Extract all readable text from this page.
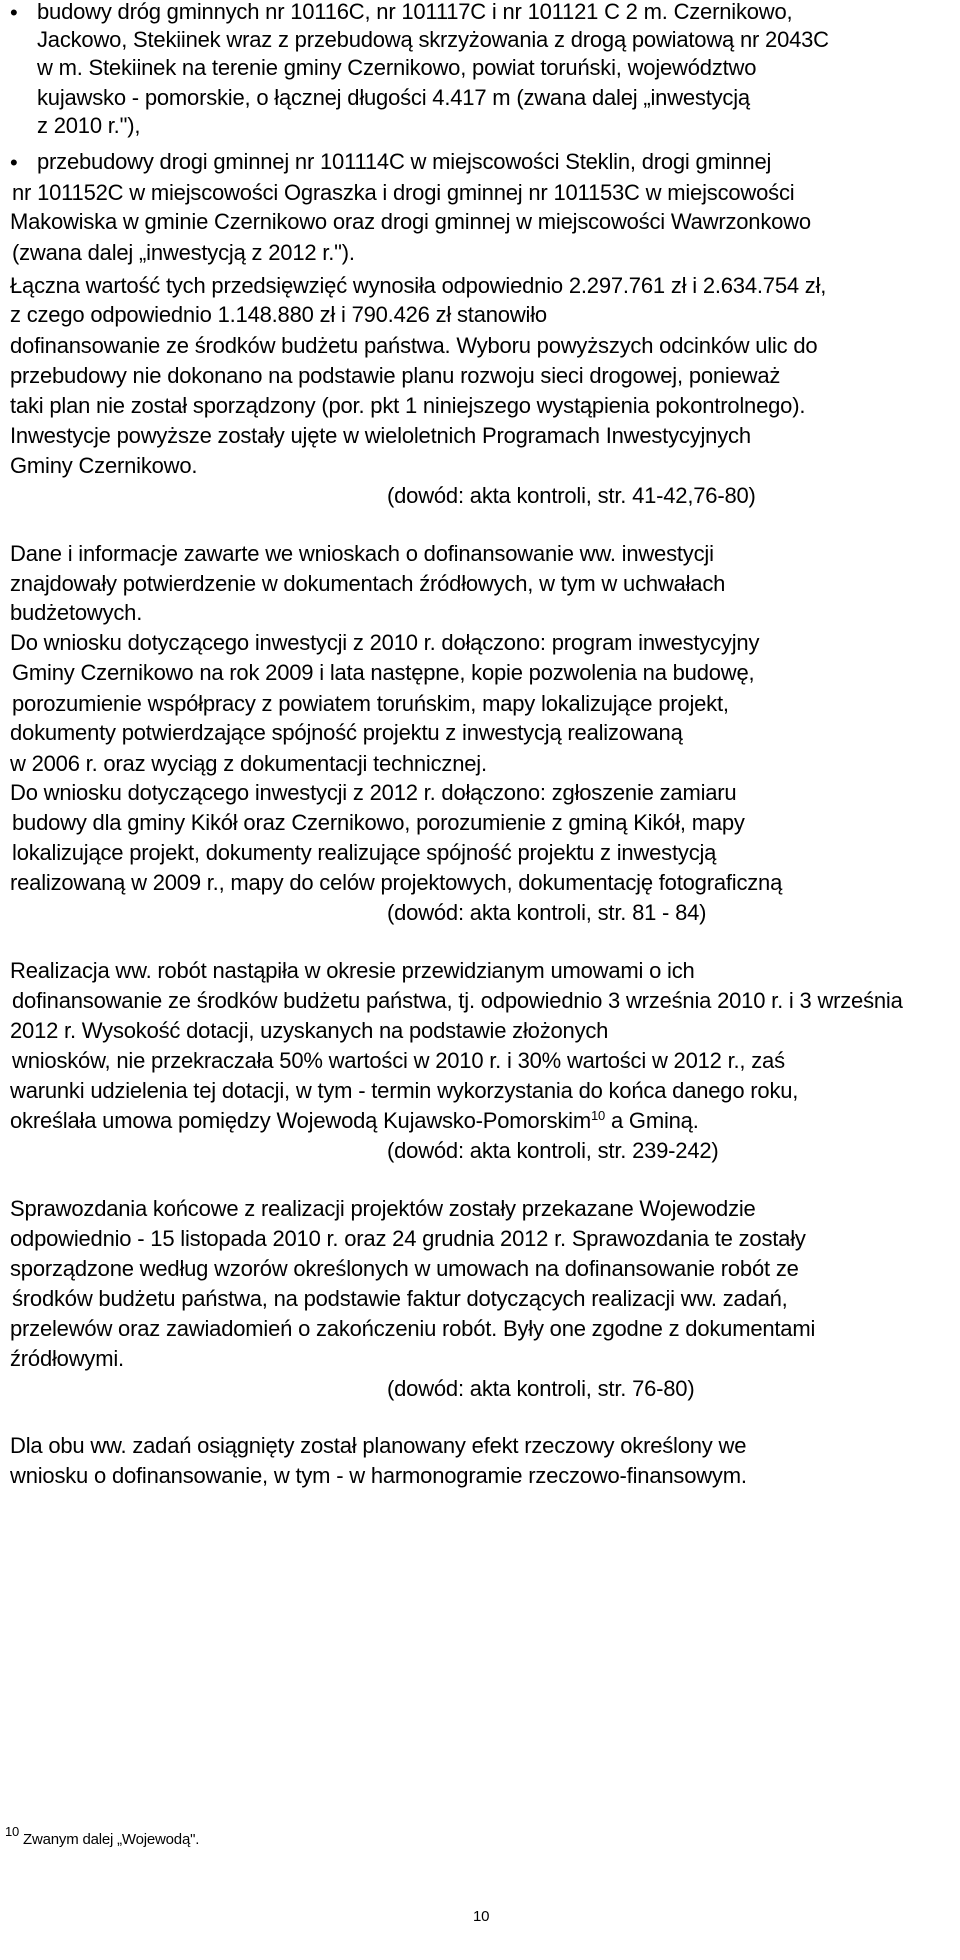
• budowy dróg gminnych nr 10116C, nr 101117C i nr 101121 C 2 m. Czernikowo,
Jackowo, Stekiinek wraz z przebudową skrzyżowania z drogą powiatową nr 2043C
w m. Stekiinek na terenie gminy Czernikowo, powiat toruński, województwo
kujawsko - pomorskie, o łącznej długości 4.417 m (zwana dalej „inwestycją
z 2010 r."),
• przebudowy drogi gminnej nr 101114C w miejscowości Steklin, drogi gminnej
nr 101152C w miejscowości Ograszka i drogi gminnej nr 101153C w miejscowości
Makowiska w gminie Czernikowo oraz drogi gminnej w miejscowości Wawrzonkowo
(zwana dalej „inwestycją z 2012 r.").
Łączna wartość tych przedsięwzięć wynosiła odpowiednio 2.297.761 zł i 2.634.754 zł,
z czego odpowiednio 1.148.880 zł i 790.426 zł stanowiło
dofinansowanie ze środków budżetu państwa. Wyboru powyższych odcinków ulic do
przebudowy nie dokonano na podstawie planu rozwoju sieci drogowej, ponieważ
taki plan nie został sporządzony (por. pkt 1 niniejszego wystąpienia pokontrolnego).
Inwestycje powyższe zostały ujęte w wieloletnich Programach Inwestycyjnych
Gminy Czernikowo.
(dowód: akta kontroli, str. 41-42,76-80)
Dane i informacje zawarte we wnioskach o dofinansowanie ww. inwestycji
znajdowały potwierdzenie w dokumentach źródłowych, w tym w uchwałach
budżetowych.
Do wniosku dotyczącego inwestycji z 2010 r. dołączono: program inwestycyjny
Gminy Czernikowo na rok 2009 i lata następne, kopie pozwolenia na budowę,
porozumienie współpracy z powiatem toruńskim, mapy lokalizujące projekt,
dokumenty potwierdzające spójność projektu z inwestycją realizowaną
w 2006 r. oraz wyciąg z dokumentacji technicznej.
Do wniosku dotyczącego inwestycji z 2012 r. dołączono: zgłoszenie zamiaru
budowy dla gminy Kikół oraz Czernikowo, porozumienie z gminą Kikół, mapy
lokalizujące projekt, dokumenty realizujące spójność projektu z inwestycją
realizowaną w 2009 r., mapy do celów projektowych, dokumentację fotograficzną
(dowód: akta kontroli, str. 81 - 84)
Realizacja ww. robót nastąpiła w okresie przewidzianym umowami o ich
dofinansowanie ze środków budżetu państwa, tj. odpowiednio 3 września 2010 r. i 3 września
2012 r. Wysokość dotacji, uzyskanych na podstawie złożonych
wniosków, nie przekraczała 50% wartości w 2010 r. i 30% wartości w 2012 r., zaś
warunki udzielenia tej dotacji, w tym - termin wykorzystania do końca danego roku,
określała umowa pomiędzy Wojewodą Kujawsko-Pomorskim$^{10}$ a Gminą.
(dowód: akta kontroli, str. 239-242)
Sprawozdania końcowe z realizacji projektów zostały przekazane Wojewodzie
odpowiednio - 15 listopada 2010 r. oraz 24 grudnia 2012 r. Sprawozdania te zostały
sporządzone według wzorów określonych w umowach na dofinansowanie robót ze
środków budżetu państwa, na podstawie faktur dotyczących realizacji ww. zadań,
przelewów oraz zawiadomień o zakończeniu robót. Były one zgodne z dokumentami
źródłowymi.
(dowód: akta kontroli, str. 76-80)
Dla obu ww. zadań osiągnięty został planowany efekt rzeczowy określony we
wniosku o dofinansowanie, w tym - w harmonogramie rzeczowo-finansowym.
$^{10}$ Zwanym dalej „Wojewodą".
10
